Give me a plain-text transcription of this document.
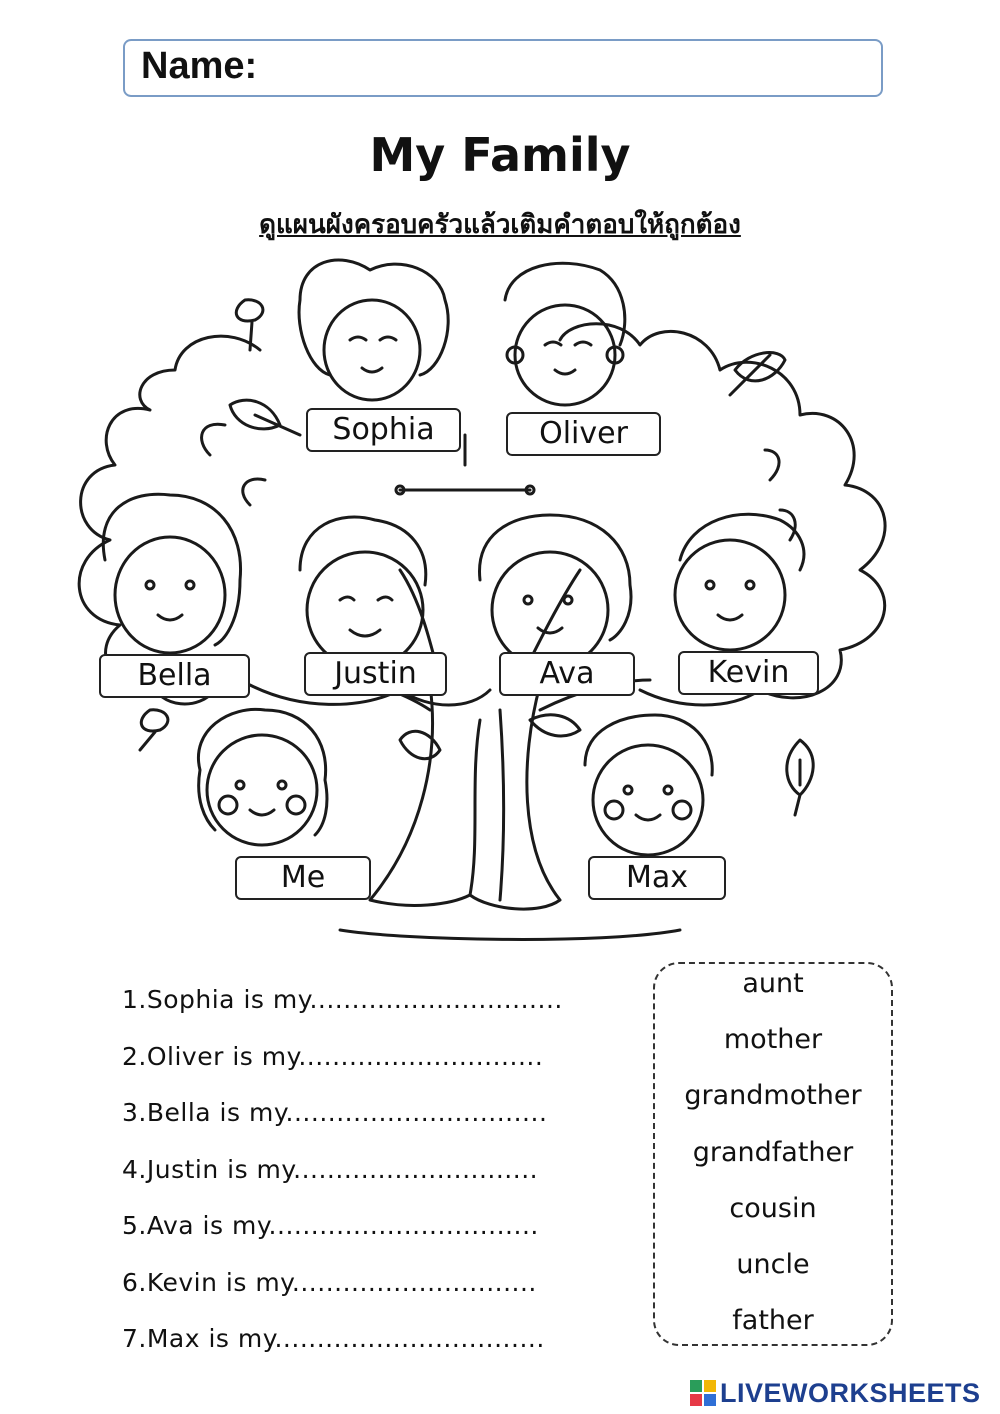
Name:
My Family
ดูแผนผังครอบครัวแล้วเติมคำตอบให้ถูกต้อง
Sophia	Oliver
Bella	Justin	Ava	Kevin
Me	Max
1.Sophia is my..............................
2.Oliver is my.............................
3.Bella is my...............................
4.Justin is my.............................
5.Ava is my................................
6.Kevin is my.............................
7.Max is my................................
aunt
mother
grandmother
grandfather
cousin
uncle
father
LIVEWORKSHEETS
